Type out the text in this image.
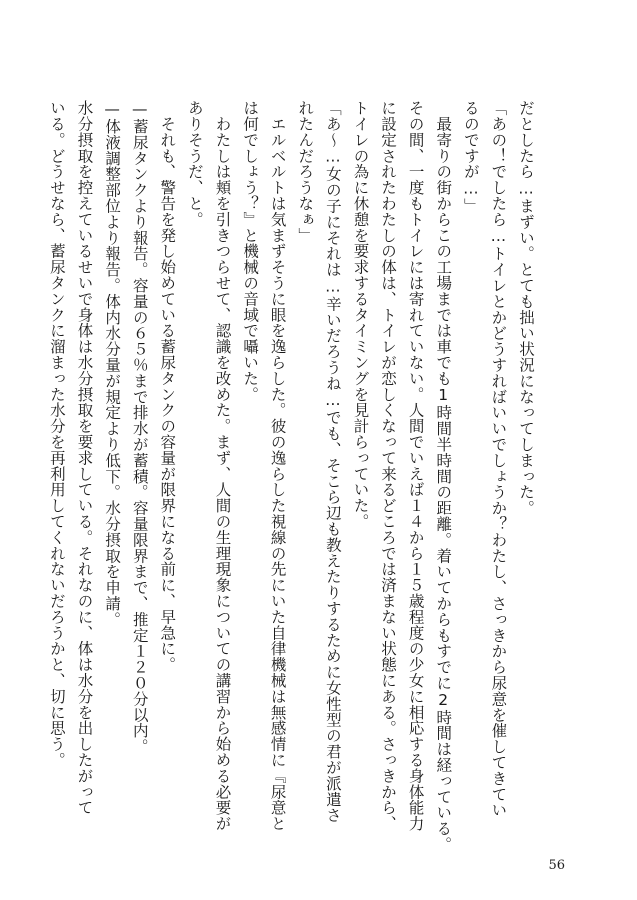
だとしたら…まずい。とても拙い状況になってしまった。
「あの！でしたら…トイレとかどうすればいいでしょうか？わたし、さっきから尿意を催してきてい
るのですが…」
　最寄りの街からこの工場までは車でも1時間半時間の距離。着いてからもすでに2時間は経っている。
その間、一度もトイレには寄れていない。人間でいえば１４から１５歳程度の少女に相応する身体能力
に設定されたわたしの体は、トイレが恋しくなって来るどころでは済まない状態にある。さっきから、
トイレの為に休憩を要求するタイミングを見計らっていた。
「あ～…女の子にそれは…辛いだろうね…でも、そこら辺も教えたりするために女性型の君が派遣さ
れたんだろうなぁ」
　エルベルトは気まずそうに眼を逸らした。彼の逸らした視線の先にいた自律機械は無感情に『尿意と
は何でしょう？』と機械の音域で囁いた。
　わたしは頬を引きつらせて、認識を改めた。まず、人間の生理現象についての講習から始める必要が
ありそうだ、と。
　それも、警告を発し始めている蓄尿タンクの容量が限界になる前に、早急に。
—蓄尿タンクより報告。容量の６５％まで排水が蓄積。容量限界まで、推定１２０分以内。
—体液調整部位より報告。体内水分量が規定より低下。水分摂取を申請。
水分摂取を控えているせいで身体は水分摂取を要求している。それなのに、体は水分を出したがって
いる。どうせなら、蓄尿タンクに溜まった水分を再利用してくれないだろうかと、切に思う。
56
